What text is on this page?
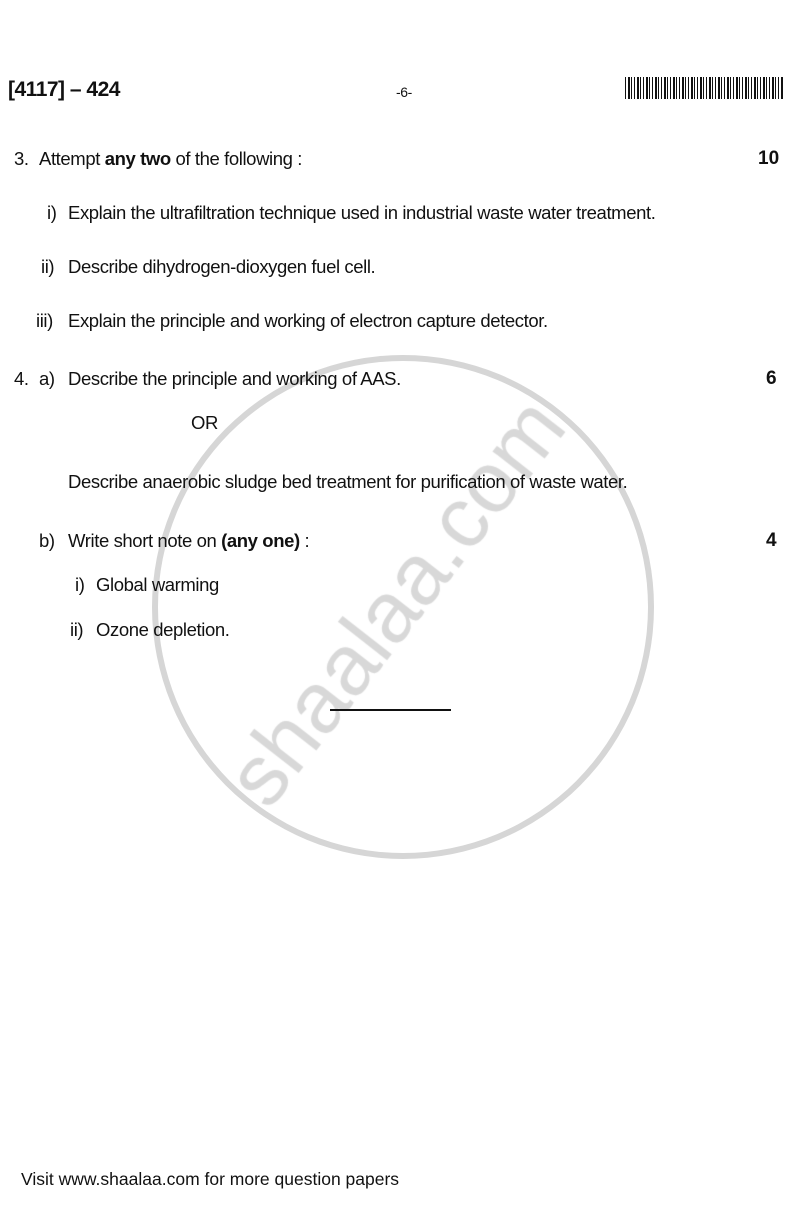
[4117] – 424	-6-
3. Attempt any two of the following :	10
i) Explain the ultrafiltration technique used in industrial waste water treatment.
ii) Describe dihydrogen-dioxygen fuel cell.
iii) Explain the principle and working of electron capture detector.
4. a) Describe the principle and working of AAS.	6
OR
Describe anaerobic sludge bed treatment for purification of waste water.
b) Write short note on (any one) :	4
i) Global warming
ii) Ozone depletion.
Visit www.shaalaa.com for more question papers
